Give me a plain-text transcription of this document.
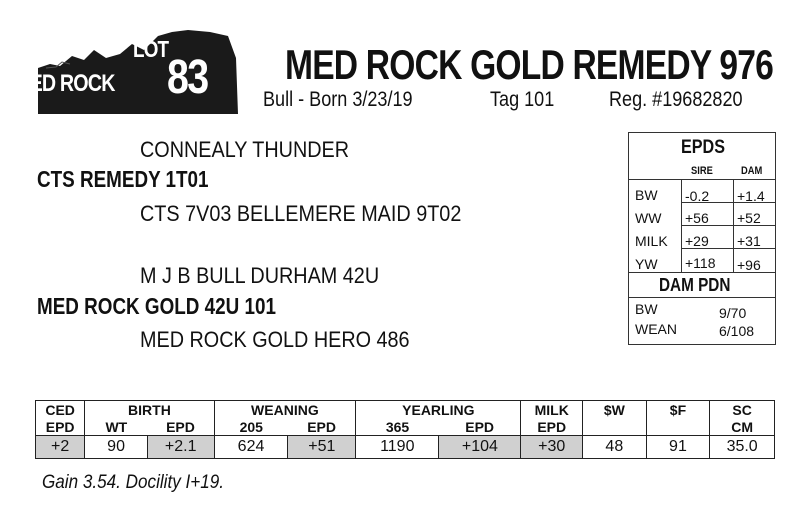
LOT
83
MED ROCK	MED ROCK GOLD REMEDY 976
Bull - Born 3/23/19	Tag 101	Reg. #19682820
CONNEALY THUNDER
CTS REMEDY 1T01
CTS 7V03 BELLEMERE MAID 9T02
M J B BULL DURHAM 42U
MED ROCK GOLD 42U 101
MED ROCK GOLD HERO 486
EPDS
SIRE	DAM
BW -0.2 +1.4
WW +56 +52
MILK +29 +31
YW +118 +96
DAM PDN
BW	9/70
WEAN	6/108
CED	BIRTH		WEANING		YEARLING		MILK	$W	$F	SC
EPD	WT	EPD	205	EPD	365	EPD	EPD			CM
+2	90	+2.1	624	+51	1190	+104	+30	48	91	35.0
Gain 3.54. Docility I+19.
